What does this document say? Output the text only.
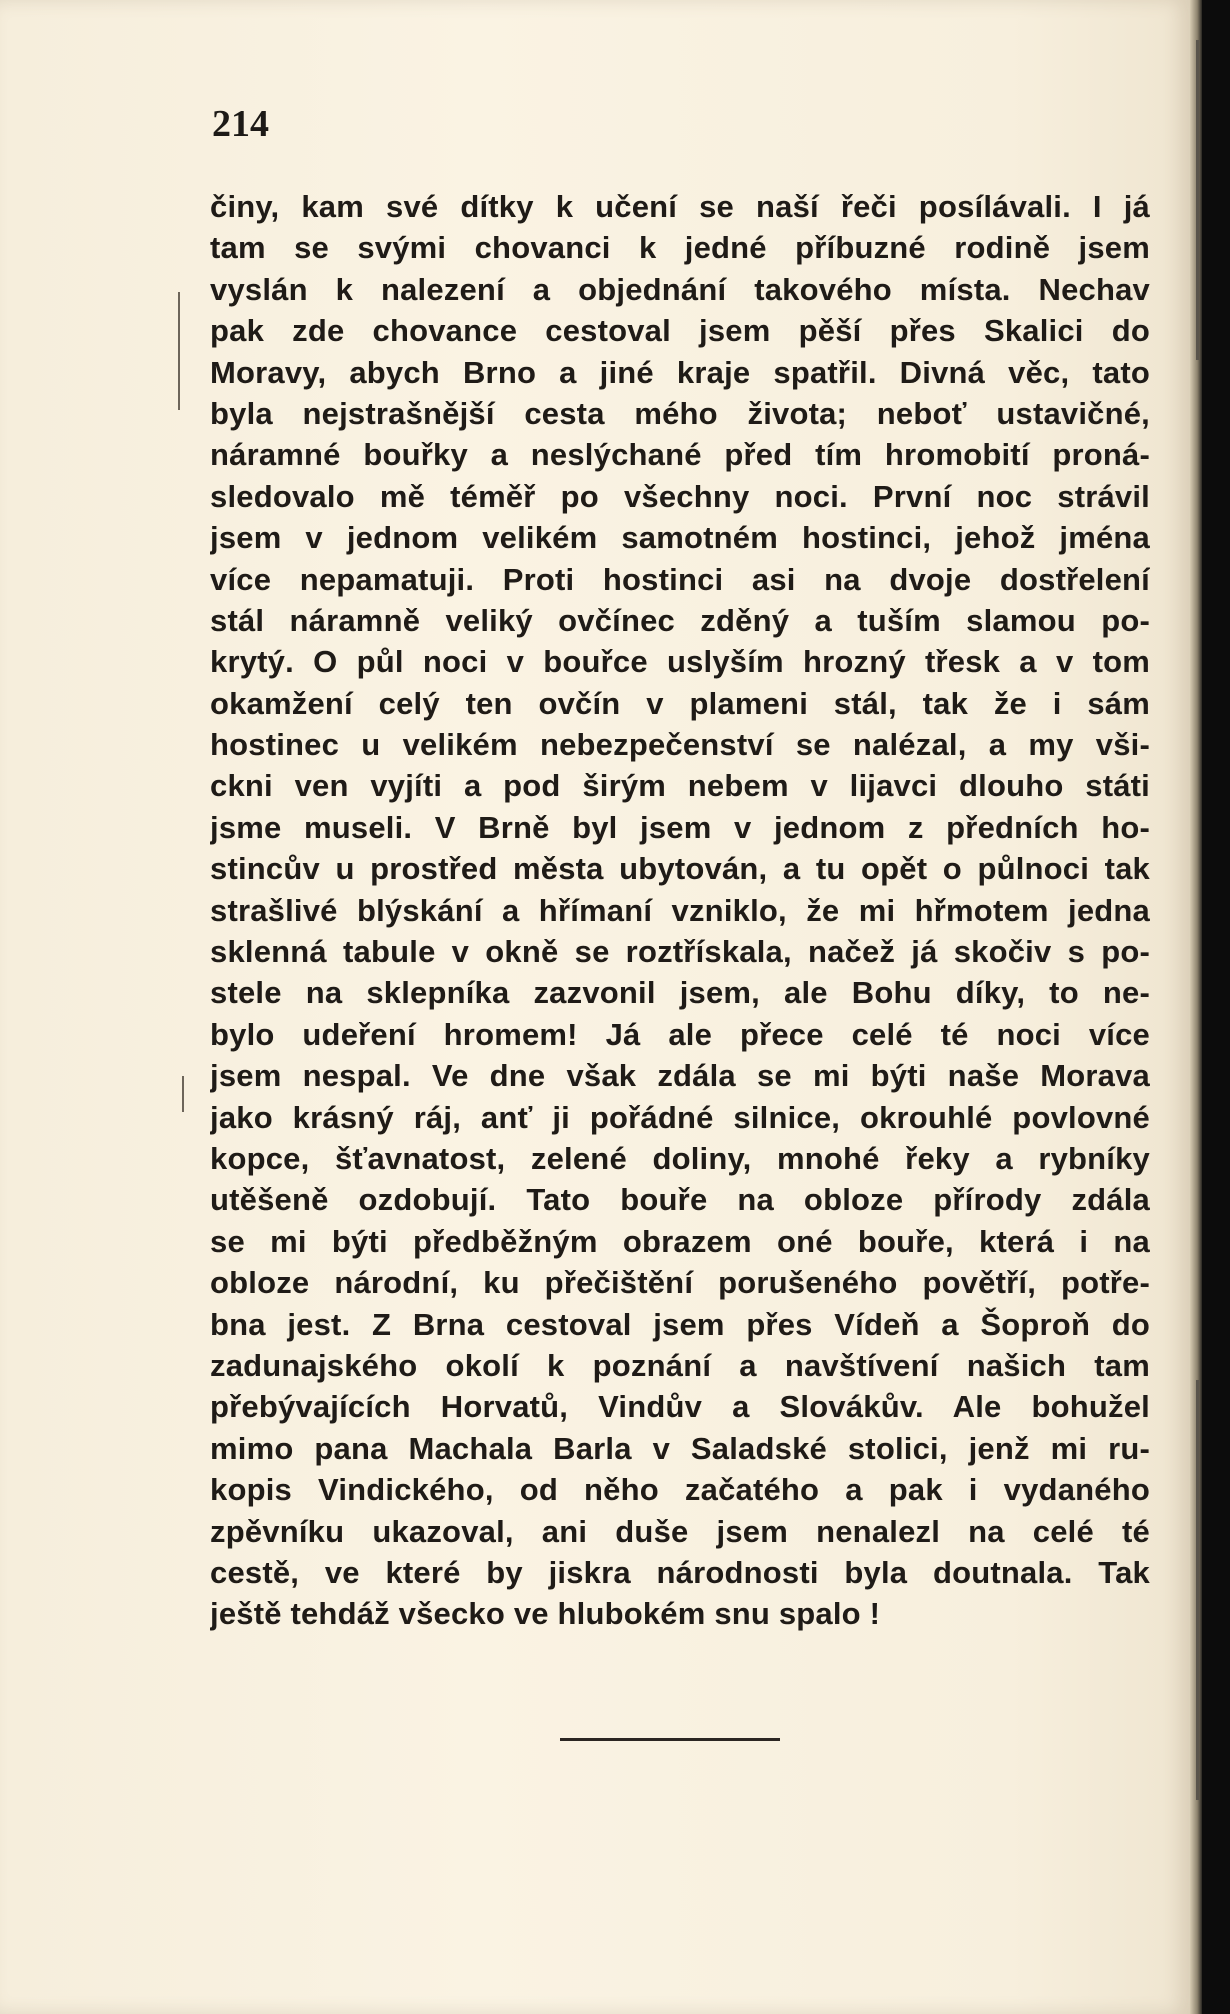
214
činy, kam své dítky k učení se naší řeči posílávali. I já
tam se svými chovanci k jedné příbuzné rodině jsem
vyslán k nalezení a objednání takového místa. Nechav
pak zde chovance cestoval jsem pěší přes Skalici do
Moravy, abych Brno a jiné kraje spatřil. Divná věc, tato
byla nejstrašnější cesta mého života; neboť ustavičné,
náramné bouřky a neslýchané před tím hromobití proná-
sledovalo mě téměř po všechny noci. První noc strávil
jsem v jednom velikém samotném hostinci, jehož jména
více nepamatuji. Proti hostinci asi na dvoje dostřelení
stál náramně veliký ovčínec zděný a tuším slamou po-
krytý. O půl noci v bouřce uslyším hrozný třesk a v tom
okamžení celý ten ovčín v plameni stál, tak že i sám
hostinec u velikém nebezpečenství se nalézal, a my vši-
ckni ven vyjíti a pod širým nebem v lijavci dlouho státi
jsme museli. V Brně byl jsem v jednom z předních ho-
stincův u prostřed města ubytován, a tu opět o půlnoci tak
strašlivé blýskání a hřímaní vzniklo, že mi hřmotem jedna
sklenná tabule v okně se roztřískala, načež já skočiv s po-
stele na sklepníka zazvonil jsem, ale Bohu díky, to ne-
bylo udeření hromem! Já ale přece celé té noci více
jsem nespal. Ve dne však zdála se mi býti naše Morava
jako krásný ráj, anť ji pořádné silnice, okrouhlé povlovné
kopce, šťavnatost, zelené doliny, mnohé řeky a rybníky
utěšeně ozdobují. Tato bouře na obloze přírody zdála
se mi býti předběžným obrazem oné bouře, která i na
obloze národní, ku přečištění porušeného povětří, potře-
bna jest. Z Brna cestoval jsem přes Vídeň a Šoproň do
zadunajského okolí k poznání a navštívení našich tam
přebývajících Horvatů, Vindův a Slovákův. Ale bohužel
mimo pana Machala Barla v Saladské stolici, jenž mi ru-
kopis Vindického, od něho začatého a pak i vydaného
zpěvníku ukazoval, ani duše jsem nenalezl na celé té
cestě, ve které by jiskra národnosti byla doutnala. Tak
ještě tehdáž všecko ve hlubokém snu spalo !
